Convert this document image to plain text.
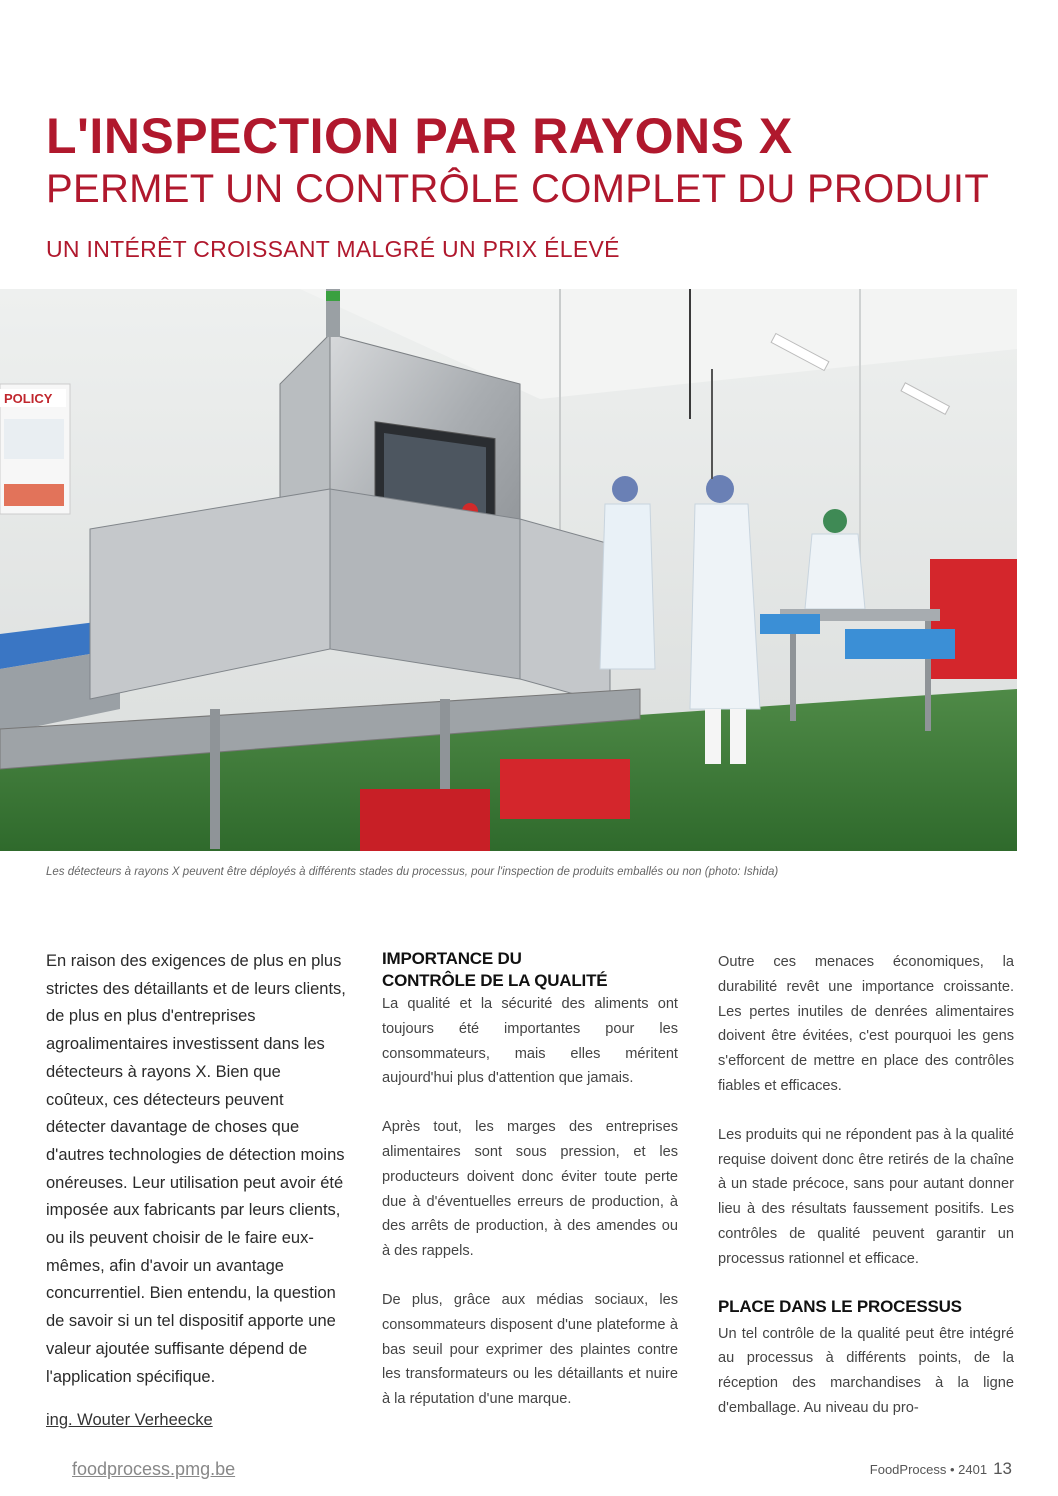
L'INSPECTION PAR RAYONS X
PERMET UN CONTRÔLE COMPLET DU PRODUIT
UN INTÉRÊT CROISSANT MALGRÉ UN PRIX ÉLEVÉ
POLICY
Les détecteurs à rayons X peuvent être déployés à différents stades du processus, pour l'inspection de produits emballés ou non (photo: Ishida)

En raison des exigences de plus en plus strictes des détaillants et de leurs clients, de plus en plus d'entreprises agroalimentaires investissent dans les détecteurs à rayons X. Bien que coûteux, ces détecteurs peuvent détecter davantage de choses que d'autres technologies de détection moins onéreuses. Leur utilisation peut avoir été imposée aux fabricants par leurs clients, ou ils peuvent choisir de le faire eux-mêmes, afin d'avoir un avantage concurrentiel. Bien entendu, la question de savoir si un tel dispositif apporte une valeur ajoutée suffisante dépend de l'application spécifique.

ing. Wouter Verheecke
IMPORTANCE DU
CONTRÔLE DE LA QUALITÉ

La qualité et la sécurité des aliments ont toujours été importantes pour les consommateurs, mais elles méritent aujourd'hui plus d'attention que jamais.

Après tout, les marges des entreprises alimentaires sont sous pression, et les producteurs doivent donc éviter toute perte due à d'éventuelles erreurs de production, à des arrêts de production, à des amendes ou à des rappels.

De plus, grâce aux médias sociaux, les consommateurs disposent d'une plateforme à bas seuil pour exprimer des plaintes contre les transformateurs ou les détaillants et nuire à la réputation d'une marque.

Outre ces menaces économiques, la durabilité revêt une importance croissante. Les pertes inutiles de denrées alimentaires doivent être évitées, c'est pourquoi les gens s'efforcent de mettre en place des contrôles fiables et efficaces.

Les produits qui ne répondent pas à la qualité requise doivent donc être retirés de la chaîne à un stade précoce, sans pour autant donner lieu à des résultats faussement positifs. Les contrôles de qualité peuvent garantir un processus rationnel et efficace.

PLACE DANS LE PROCESSUS

Un tel contrôle de la qualité peut être intégré au processus à différents points, de la réception des marchandises à la ligne d'emballage. Au niveau du pro-

foodprocess.pmg.be	FoodProcess • 2401 13
